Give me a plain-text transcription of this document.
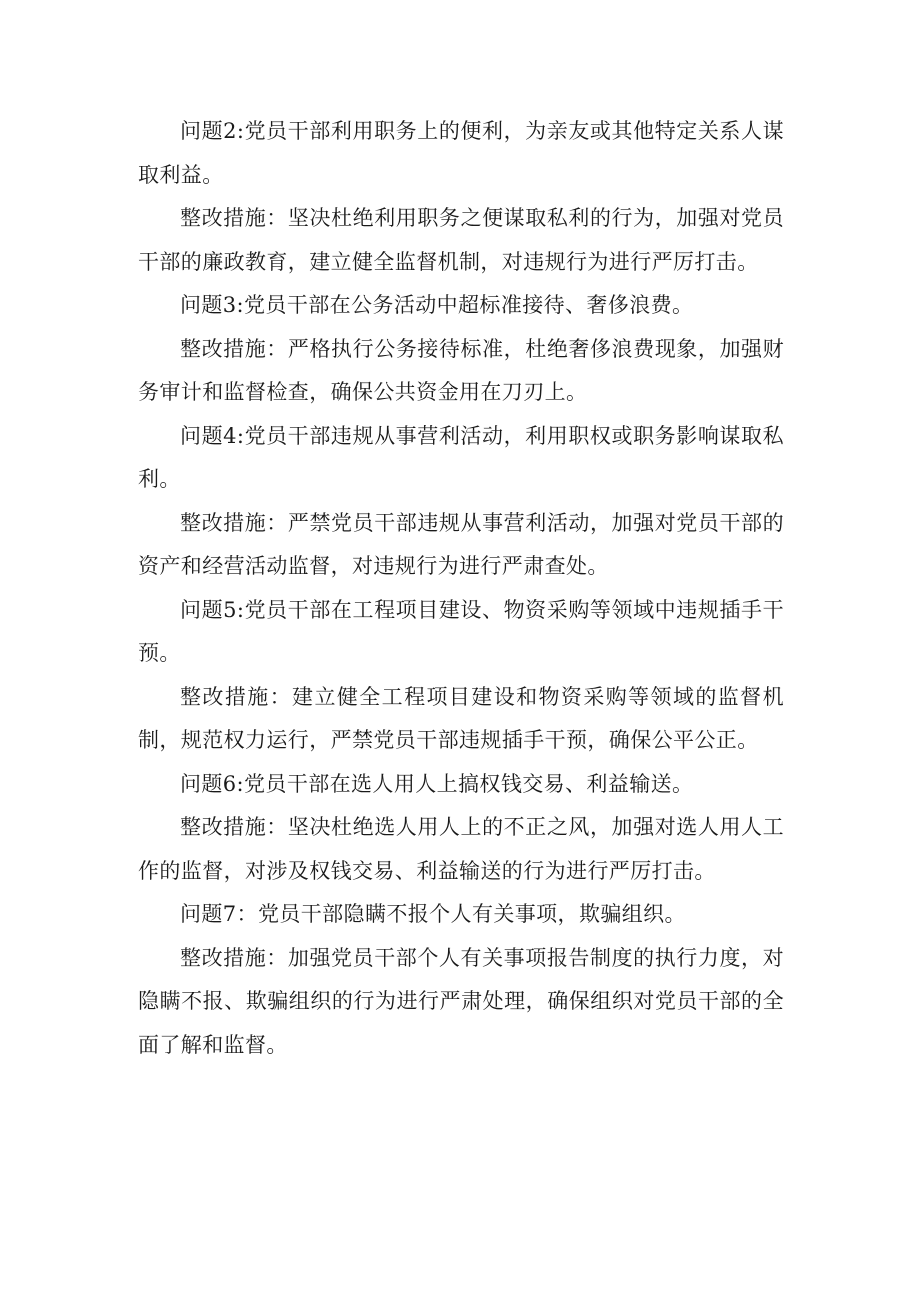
问题2:党员干部利用职务上的便利，为亲友或其他特定关系人谋取利益。

整改措施：坚决杜绝利用职务之便谋取私利的行为，加强对党员干部的廉政教育，建立健全监督机制，对违规行为进行严厉打击。

问题3:党员干部在公务活动中超标准接待、奢侈浪费。

整改措施：严格执行公务接待标准，杜绝奢侈浪费现象，加强财务审计和监督检查，确保公共资金用在刀刃上。

问题4:党员干部违规从事营利活动，利用职权或职务影响谋取私利。

整改措施：严禁党员干部违规从事营利活动，加强对党员干部的资产和经营活动监督，对违规行为进行严肃查处。

问题5:党员干部在工程项目建设、物资采购等领域中违规插手干预。

整改措施：建立健全工程项目建设和物资采购等领域的监督机制，规范权力运行，严禁党员干部违规插手干预，确保公平公正。

问题6:党员干部在选人用人上搞权钱交易、利益输送。

整改措施：坚决杜绝选人用人上的不正之风，加强对选人用人工作的监督，对涉及权钱交易、利益输送的行为进行严厉打击。

问题7：党员干部隐瞒不报个人有关事项，欺骗组织。

整改措施：加强党员干部个人有关事项报告制度的执行力度，对隐瞒不报、欺骗组织的行为进行严肃处理，确保组织对党员干部的全面了解和监督。
